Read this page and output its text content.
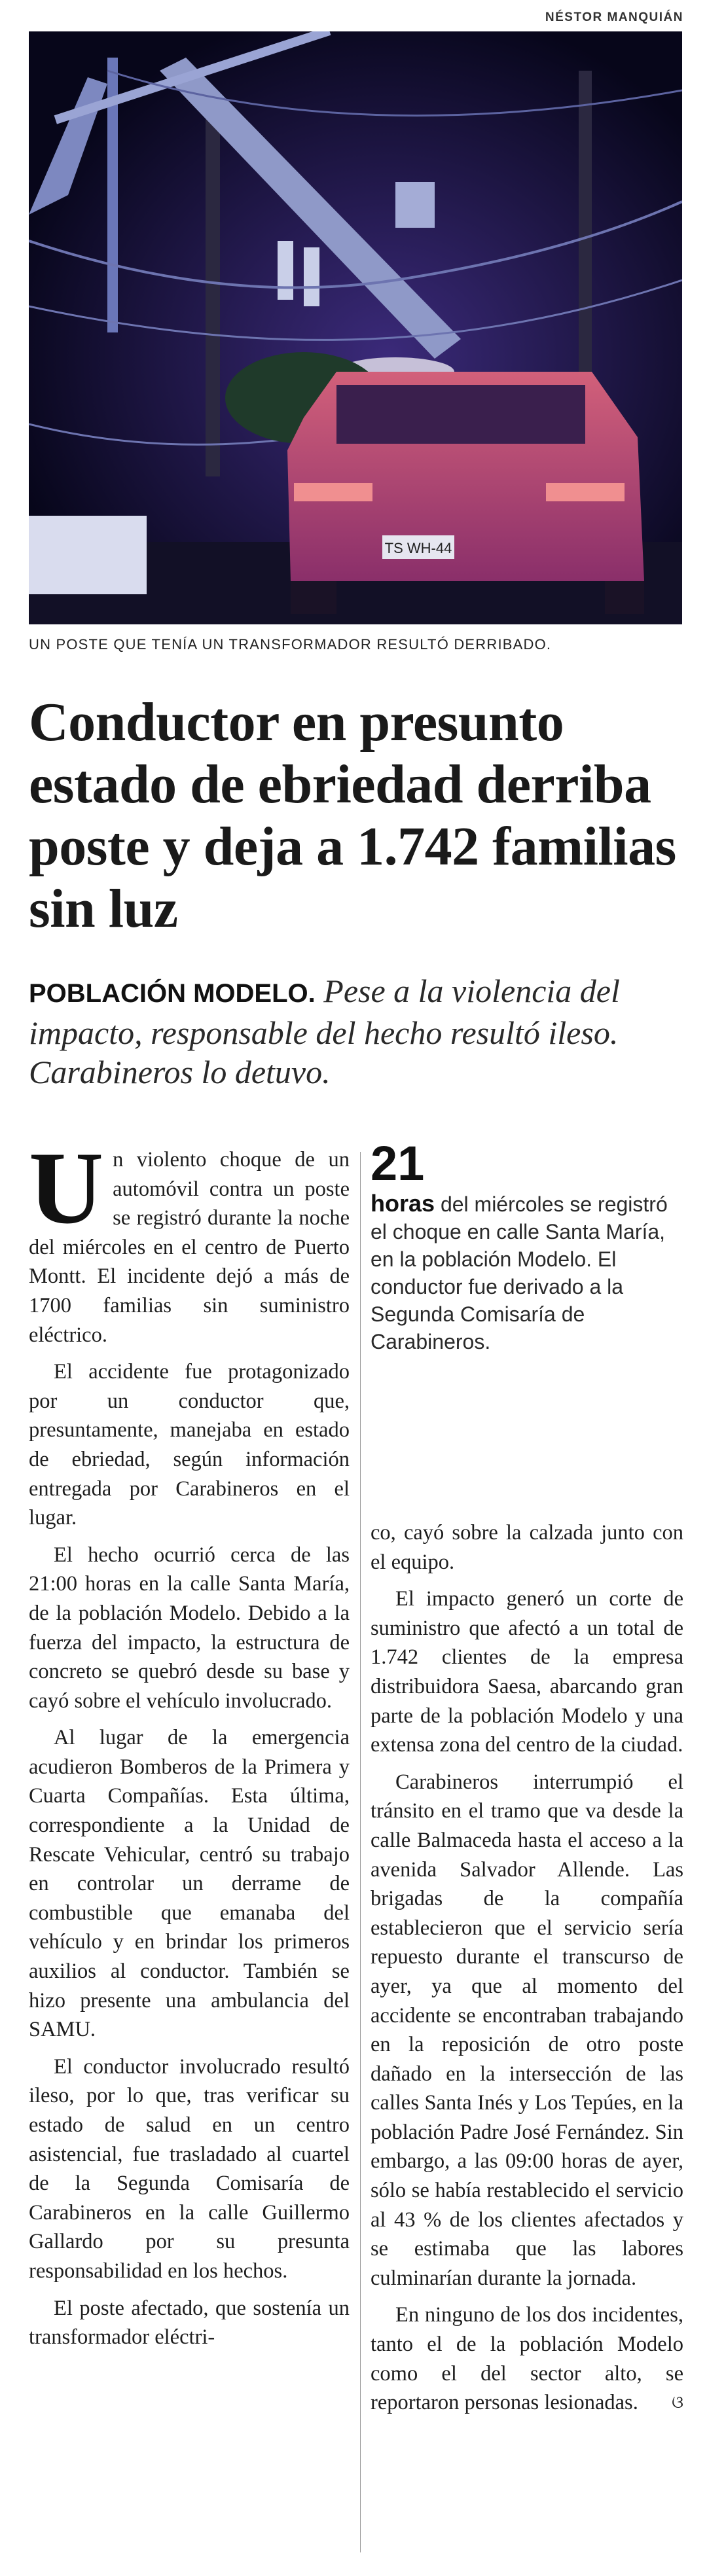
NÉSTOR MANQUIÁN
TS WH-44
UN POSTE QUE TENÍA UN TRANSFORMADOR RESULTÓ DERRIBADO.
Conductor en presunto estado de ebriedad derriba poste y deja a 1.742 familias sin luz
POBLACIÓN MODELO. Pese a la violencia del impacto, responsable del hecho resultó ileso. Carabineros lo detuvo.

Un violento choque de un automóvil contra un poste se registró durante la noche del miércoles en el centro de Puerto Montt. El incidente dejó a más de 1700 familias sin suministro eléctrico.

El accidente fue protagonizado por un conductor que, presuntamente, manejaba en estado de ebriedad, según información entregada por Carabineros en el lugar.

El hecho ocurrió cerca de las 21:00 horas en la calle Santa María, de la población Modelo. Debido a la fuerza del impacto, la estructura de concreto se quebró desde su base y cayó sobre el vehículo involucrado.

Al lugar de la emergencia acudieron Bomberos de la Primera y Cuarta Compañías. Esta última, correspondiente a la Unidad de Rescate Vehicular, centró su trabajo en controlar un derrame de combustible que emanaba del vehículo y en brindar los primeros auxilios al conductor. También se hizo presente una ambulancia del SAMU.

El conductor involucrado resultó ileso, por lo que, tras verificar su estado de salud en un centro asistencial, fue trasladado al cuartel de la Segunda Comisaría de Carabineros en la calle Guillermo Gallardo por su presunta responsabilidad en los hechos.

El poste afectado, que sostenía un transformador eléctri-

21
horas del miércoles se registró el choque en calle Santa María, en la población Modelo. El conductor fue derivado a la Segunda Comisaría de Carabineros.

co, cayó sobre la calzada junto con el equipo.

El impacto generó un corte de suministro que afectó a un total de 1.742 clientes de la empresa distribuidora Saesa, abarcando gran parte de la población Modelo y una extensa zona del centro de la ciudad.

Carabineros interrumpió el tránsito en el tramo que va desde la calle Balmaceda hasta el acceso a la avenida Salvador Allende. Las brigadas de la compañía establecieron que el servicio sería repuesto durante el transcurso de ayer, ya que al momento del accidente se encontraban trabajando en la reposición de otro poste dañado en la intersección de las calles Santa Inés y Los Tepúes, en la población Padre José Fernández. Sin embargo, a las 09:00 horas de ayer, sólo se había restablecido el servicio al 43 % de los clientes afectados y se estimaba que las labores culminarían durante la jornada.

En ninguno de los dos incidentes, tanto el de la población Modelo como el del sector alto, se reportaron personas lesionadas.	ଓ
